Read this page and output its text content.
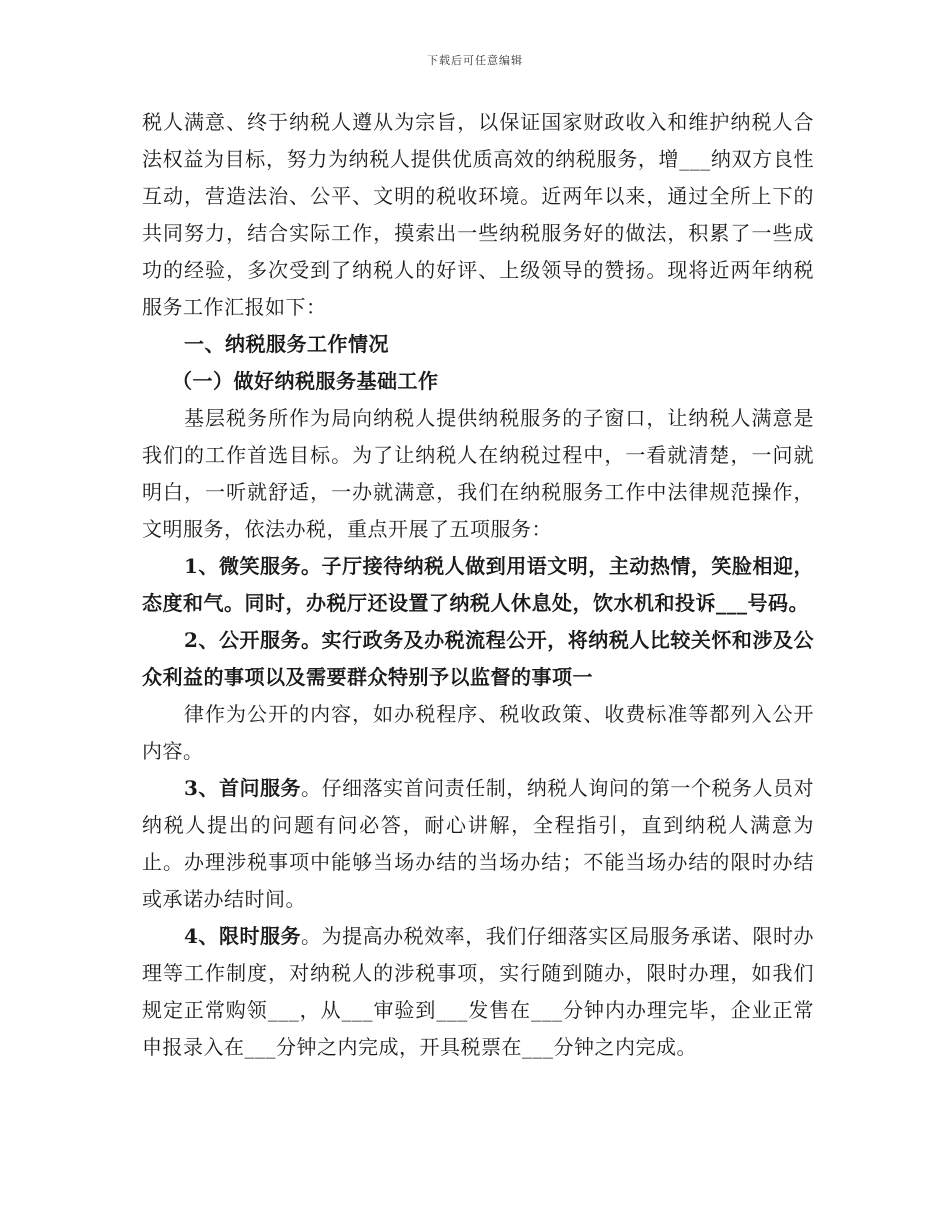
下载后可任意编辑

税人满意、终于纳税人遵从为宗旨，以保证国家财政收入和维护纳税人合法权益为目标，努力为纳税人提供优质高效的纳税服务，增___纳双方良性互动，营造法治、公平、文明的税收环境。近两年以来，通过全所上下的共同努力，结合实际工作，摸索出一些纳税服务好的做法，积累了一些成功的经验，多次受到了纳税人的好评、上级领导的赞扬。现将近两年纳税服务工作汇报如下：

一、纳税服务工作情况

（一）做好纳税服务基础工作

基层税务所作为局向纳税人提供纳税服务的子窗口，让纳税人满意是我们的工作首选目标。为了让纳税人在纳税过程中，一看就清楚，一问就明白，一听就舒适，一办就满意，我们在纳税服务工作中法律规范操作，文明服务，依法办税，重点开展了五项服务：

1、微笑服务。子厅接待纳税人做到用语文明，主动热情，笑脸相迎，态度和气。同时，办税厅还设置了纳税人休息处，饮水机和投诉___号码。

2、公开服务。实行政务及办税流程公开，将纳税人比较关怀和涉及公众利益的事项以及需要群众特别予以监督的事项一

律作为公开的内容，如办税程序、税收政策、收费标准等都列入公开内容。

3、首问服务。仔细落实首问责任制，纳税人询问的第一个税务人员对纳税人提出的问题有问必答，耐心讲解，全程指引，直到纳税人满意为止。办理涉税事项中能够当场办结的当场办结；不能当场办结的限时办结或承诺办结时间。

4、限时服务。为提高办税效率，我们仔细落实区局服务承诺、限时办理等工作制度，对纳税人的涉税事项，实行随到随办，限时办理，如我们规定正常购领___，从___审验到___发售在___分钟内办理完毕，企业正常申报录入在___分钟之内完成，开具税票在___分钟之内完成。
